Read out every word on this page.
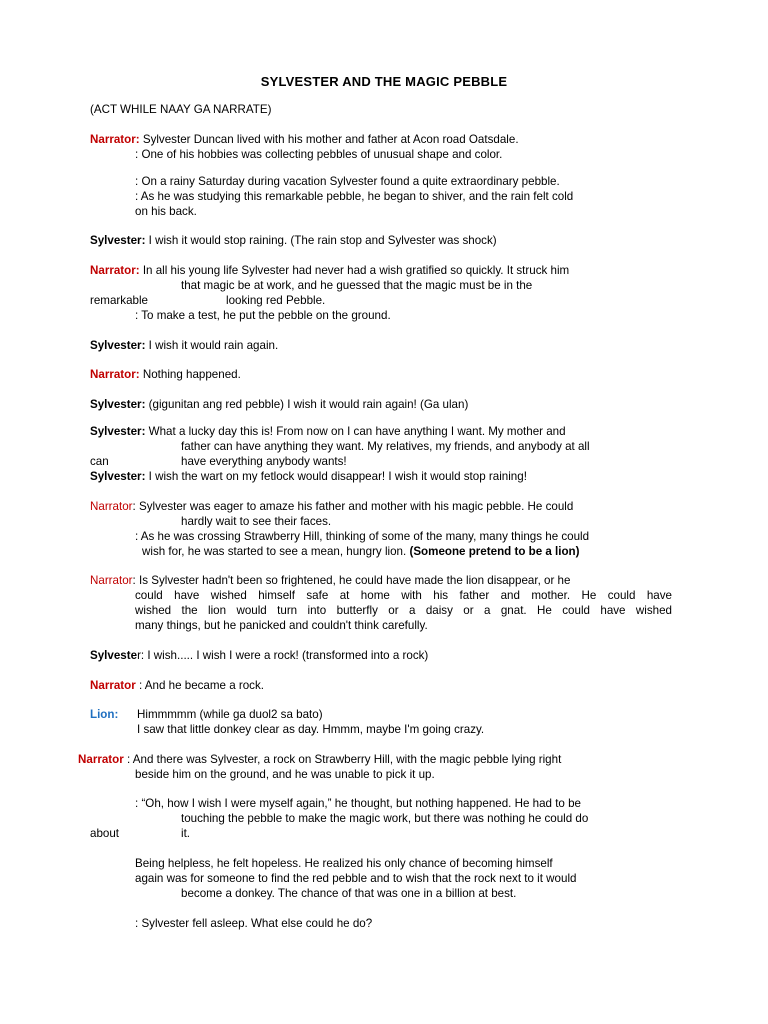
SYLVESTER AND THE MAGIC PEBBLE
(ACT WHILE NAAY GA NARRATE)
Narrator: Sylvester Duncan lived with his mother and father at Acon road Oatsdale.
: One of his hobbies was collecting pebbles of unusual shape and color.
: On a rainy Saturday during vacation Sylvester found a quite extraordinary pebble.
: As he was studying this remarkable pebble, he began to shiver, and the rain felt cold
on his back.
Sylvester: I wish it would stop raining. (The rain stop and Sylvester was shock)
Narrator: In all his young life Sylvester had never had a wish gratified so quickly. It struck him
that magic be at work, and he guessed that the magic must be in the
remarkable	looking red Pebble.
: To make a test, he put the pebble on the ground.
Sylvester: I wish it would rain again.
Narrator: Nothing happened.
Sylvester: (gigunitan ang red pebble) I wish it would rain again! (Ga ulan)
Sylvester: What a lucky day this is! From now on I can have anything I want. My mother and
father can have anything they want. My relatives, my friends, and anybody at all
can	have everything anybody wants!
Sylvester: I wish the wart on my fetlock would disappear! I wish it would stop raining!
Narrator: Sylvester was eager to amaze his father and mother with his magic pebble. He could
hardly wait to see their faces.
: As he was crossing Strawberry Hill, thinking of some of the many, many things he could
wish for, he was started to see a mean, hungry lion. (Someone pretend to be a lion)
Narrator: Is Sylvester hadn't been so frightened, he could have made the lion disappear, or he
could have wished himself safe at home with his father and mother. He could have
wished the lion would turn into butterfly or a daisy or a gnat. He could have wished
many things, but he panicked and couldn't think carefully.
Sylvester: I wish..... I wish I were a rock! (transformed into a rock)
Narrator : And he became a rock.
Lion: Himmmmm (while ga duol2 sa bato)
I saw that little donkey clear as day. Hmmm, maybe I'm going crazy.
Narrator : And there was Sylvester, a rock on Strawberry Hill, with the magic pebble lying right
beside him on the ground, and he was unable to pick it up.
: “Oh, how I wish I were myself again,” he thought, but nothing happened. He had to be
touching the pebble to make the magic work, but there was nothing he could do
about	it.
Being helpless, he felt hopeless. He realized his only chance of becoming himself
again was for someone to find the red pebble and to wish that the rock next to it would
become a donkey. The chance of that was one in a billion at best.
: Sylvester fell asleep. What else could he do?
